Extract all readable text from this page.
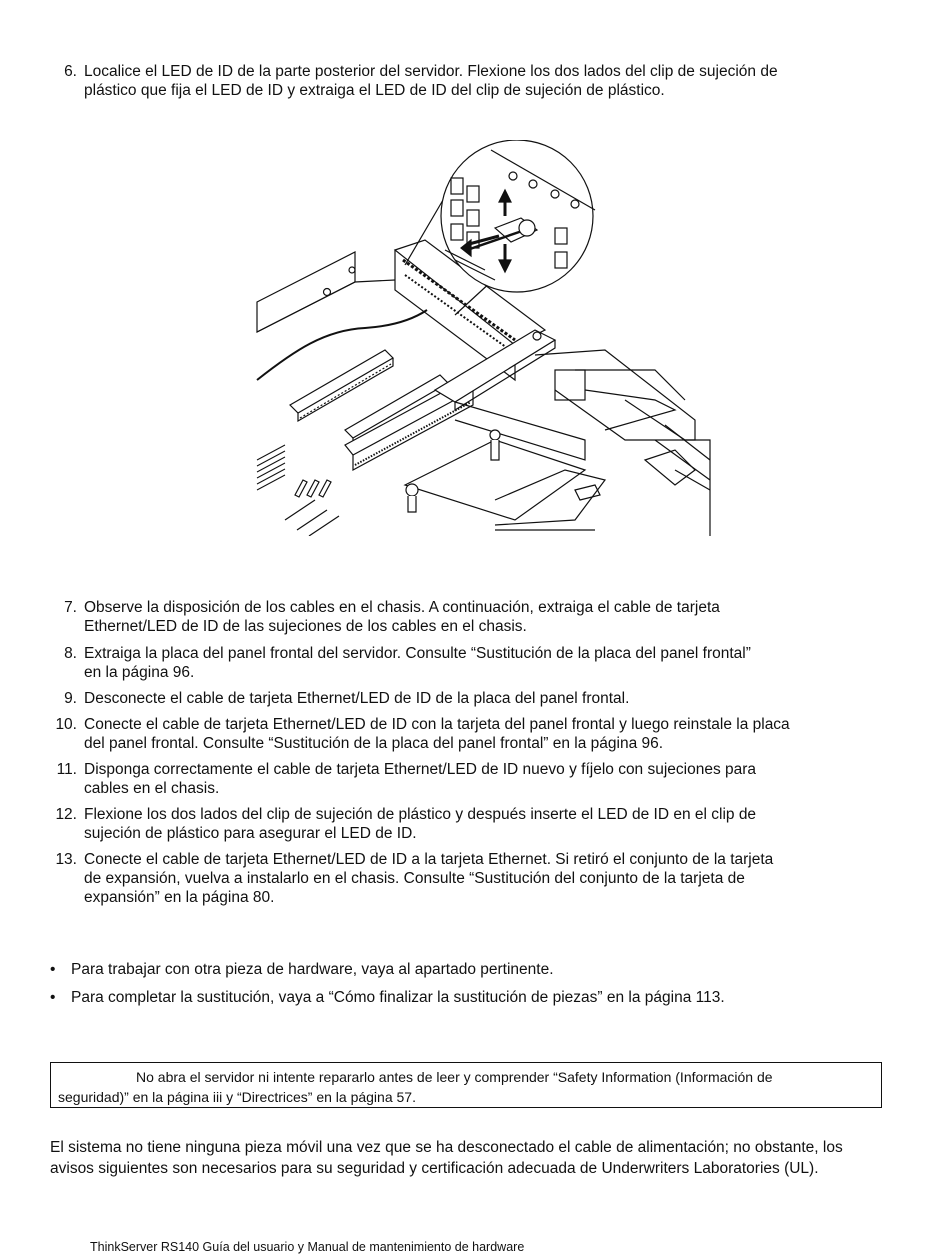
6. Localice el LED de ID de la parte posterior del servidor. Flexione los dos lados del clip de sujeción de
plástico que fija el LED de ID y extraiga el LED de ID del clip de sujeción de plástico.
7. Observe la disposición de los cables en el chasis. A continuación, extraiga el cable de tarjeta
Ethernet/LED de ID de las sujeciones de los cables en el chasis.
8. Extraiga la placa del panel frontal del servidor. Consulte “Sustitución de la placa del panel frontal”
en la página 96.
9. Desconecte el cable de tarjeta Ethernet/LED de ID de la placa del panel frontal.
10. Conecte el cable de tarjeta Ethernet/LED de ID con la tarjeta del panel frontal y luego reinstale la placa
del panel frontal. Consulte “Sustitución de la placa del panel frontal” en la página 96.
11. Disponga correctamente el cable de tarjeta Ethernet/LED de ID nuevo y fíjelo con sujeciones para
cables en el chasis.
12. Flexione los dos lados del clip de sujeción de plástico y después inserte el LED de ID en el clip de
sujeción de plástico para asegurar el LED de ID.
13. Conecte el cable de tarjeta Ethernet/LED de ID a la tarjeta Ethernet. Si retiró el conjunto de la tarjeta
de expansión, vuelva a instalarlo en el chasis. Consulte “Sustitución del conjunto de la tarjeta de
expansión” en la página 80.
• Para trabajar con otra pieza de hardware, vaya al apartado pertinente.
• Para completar la sustitución, vaya a “Cómo finalizar la sustitución de piezas” en la página 113.
No abra el servidor ni intente repararlo antes de leer y comprender “Safety Information (Información de
seguridad)” en la página iii y “Directrices” en la página 57.
El sistema no tiene ninguna pieza móvil una vez que se ha desconectado el cable de alimentación; no obstante, los avisos siguientes son necesarios para su seguridad y certificación adecuada de Underwriters Laboratories (UL).
ThinkServer RS140 Guía del usuario y Manual de mantenimiento de hardware
